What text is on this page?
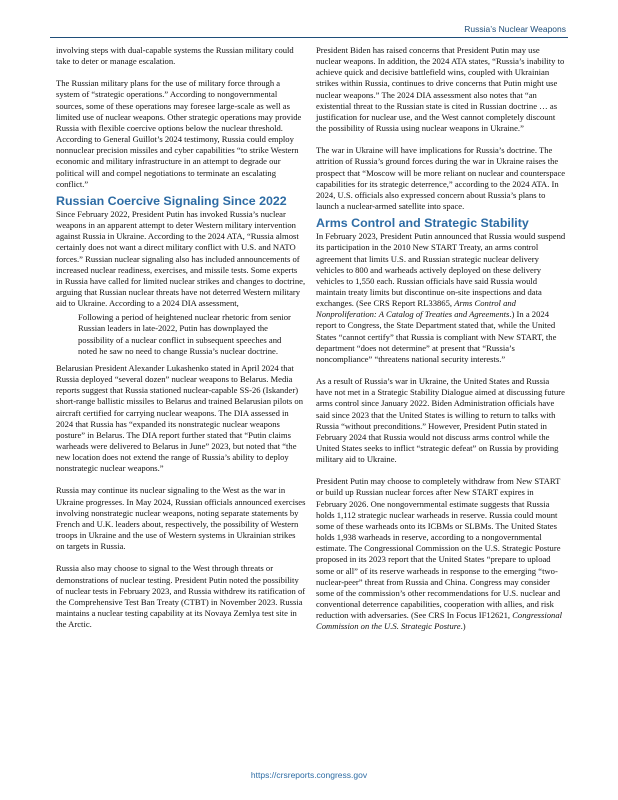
Russia’s Nuclear Weapons

involving steps with dual-capable systems the Russian military could take to deter or manage escalation.

The Russian military plans for the use of military force through a system of “strategic operations.” According to nongovernmental sources, some of these operations may foresee large-scale as well as limited use of nuclear weapons. Other strategic operations may provide Russia with flexible coercive options below the nuclear threshold. According to General Guillot’s 2024 testimony, Russia could employ nonnuclear precision missiles and cyber capabilities “to strike Western economic and military infrastructure in an attempt to degrade our political will and compel negotiations to terminate an escalating conflict.”

Russian Coercive Signaling Since 2022

Since February 2022, President Putin has invoked Russia’s nuclear weapons in an apparent attempt to deter Western military intervention against Russia in Ukraine. According to the 2024 ATA, “Russia almost certainly does not want a direct military conflict with U.S. and NATO forces.” Russian nuclear signaling also has included announcements of increased nuclear readiness, exercises, and missile tests. Some experts in Russia have called for limited nuclear strikes and changes to doctrine, arguing that Russian nuclear threats have not deterred Western military aid to Ukraine. According to a 2024 DIA assessment,

Following a period of heightened nuclear rhetoric from senior Russian leaders in late-2022, Putin has downplayed the possibility of a nuclear conflict in subsequent speeches and noted he saw no need to change Russia’s nuclear doctrine.

Belarusian President Alexander Lukashenko stated in April 2024 that Russia deployed “several dozen” nuclear weapons to Belarus. Media reports suggest that Russia stationed nuclear-capable SS-26 (Iskander) short-range ballistic missiles to Belarus and trained Belarusian pilots on aircraft certified for carrying nuclear weapons. The DIA assessed in 2024 that Russia has “expanded its nonstrategic nuclear weapons posture” in Belarus. The DIA report further stated that “Putin claims warheads were delivered to Belarus in June” 2023, but noted that “the new location does not extend the range of Russia’s ability to deploy nonstrategic nuclear weapons.”

Russia may continue its nuclear signaling to the West as the war in Ukraine progresses. In May 2024, Russian officials announced exercises involving nonstrategic nuclear weapons, noting separate statements by French and U.K. leaders about, respectively, the possibility of Western troops in Ukraine and the use of Western systems in Ukrainian strikes on targets in Russia.

Russia also may choose to signal to the West through threats or demonstrations of nuclear testing. President Putin noted the possibility of nuclear tests in February 2023, and Russia withdrew its ratification of the Comprehensive Test Ban Treaty (CTBT) in November 2023. Russia maintains a nuclear testing capability at its Novaya Zemlya test site in the Arctic.

President Biden has raised concerns that President Putin may use nuclear weapons. In addition, the 2024 ATA states, “Russia’s inability to achieve quick and decisive battlefield wins, coupled with Ukrainian strikes within Russia, continues to drive concerns that Putin might use nuclear weapons.” The 2024 DIA assessment also notes that “an existential threat to the Russian state is cited in Russian doctrine … as justification for nuclear use, and the West cannot completely discount the possibility of Russia using nuclear weapons in Ukraine.”

The war in Ukraine will have implications for Russia’s doctrine. The attrition of Russia’s ground forces during the war in Ukraine raises the prospect that “Moscow will be more reliant on nuclear and counterspace capabilities for its strategic deterrence,” according to the 2024 ATA. In 2024, U.S. officials also expressed concern about Russia’s plans to launch a nuclear-armed satellite into space.

Arms Control and Strategic Stability

In February 2023, President Putin announced that Russia would suspend its participation in the 2010 New START Treaty, an arms control agreement that limits U.S. and Russian strategic nuclear delivery vehicles to 800 and warheads actively deployed on these delivery vehicles to 1,550 each. Russian officials have said Russia would maintain treaty limits but discontinue on-site inspections and data exchanges. (See CRS Report RL33865, Arms Control and Nonproliferation: A Catalog of Treaties and Agreements.) In a 2024 report to Congress, the State Department stated that, while the United States “cannot certify” that Russia is compliant with New START, the department “does not determine” at present that “Russia’s noncompliance” “threatens national security interests.”

As a result of Russia’s war in Ukraine, the United States and Russia have not met in a Strategic Stability Dialogue aimed at discussing future arms control since January 2022. Biden Administration officials have said since 2023 that the United States is willing to return to talks with Russia “without preconditions.” However, President Putin stated in February 2024 that Russia would not discuss arms control while the United States seeks to inflict “strategic defeat” on Russia by providing military aid to Ukraine.

President Putin may choose to completely withdraw from New START or build up Russian nuclear forces after New START expires in February 2026. One nongovernmental estimate suggests that Russia holds 1,112 strategic nuclear warheads in reserve. Russia could mount some of these warheads onto its ICBMs or SLBMs. The United States holds 1,938 warheads in reserve, according to a nongovernmental estimate. The Congressional Commission on the U.S. Strategic Posture proposed in its 2023 report that the United States “prepare to upload some or all” of its reserve warheads in response to the emerging “two-nuclear-peer” threat from Russia and China. Congress may consider some of the commission’s other recommendations for U.S. nuclear and conventional deterrence capabilities, cooperation with allies, and risk reduction with adversaries. (See CRS In Focus IF12621, Congressional Commission on the U.S. Strategic Posture.)

https://crsreports.congress.gov
